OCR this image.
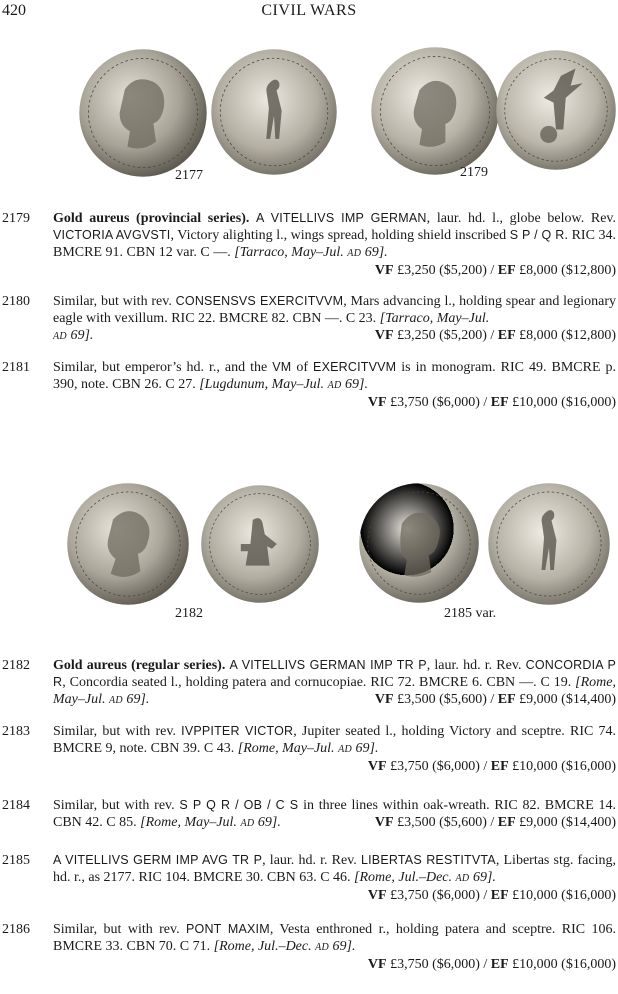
420	CIVIL WARS
2177	2179
2179 Gold aureus (provincial series). A VITELLIVS IMP GERMAN, laur. hd. l., globe below. Rev. VICTORIA AVGVSTI, Victory alighting l., wings spread, holding shield inscribed S P / Q R. RIC 34. BMCRE 91. CBN 12 var. C —. [Tarraco, May–Jul. AD 69].
VF £3,250 ($5,200) / EF £8,000 ($12,800)
2180 Similar, but with rev. CONSENSVS EXERCITVVM, Mars advancing l., holding spear and legionary eagle with vexillum. RIC 22. BMCRE 82. CBN —. C 23. [Tarraco, May–Jul.
AD 69].	VF £3,250 ($5,200) / EF £8,000 ($12,800)
2181 Similar, but emperor’s hd. r., and the VM of EXERCITVVM is in monogram. RIC 49. BMCRE p. 390, note. CBN 26. C 27. [Lugdunum, May–Jul. AD 69].
VF £3,750 ($6,000) / EF £10,000 ($16,000)
2182	2185 var.
2182 Gold aureus (regular series). A VITELLIVS GERMAN IMP TR P, laur. hd. r. Rev. CONCORDIA P R, Concordia seated l., holding patera and cornucopiae. RIC 72. BMCRE 6. CBN —. C 19. [Rome, May–Jul. AD 69].	VF £3,500 ($5,600) / EF £9,000 ($14,400)
2183 Similar, but with rev. IVPPITER VICTOR, Jupiter seated l., holding Victory and sceptre. RIC 74. BMCRE 9, note. CBN 39. C 43. [Rome, May–Jul. AD 69].
VF £3,750 ($6,000) / EF £10,000 ($16,000)
2184 Similar, but with rev. S P Q R / OB / C S in three lines within oak-wreath. RIC 82. BMCRE 14. CBN 42. C 85. [Rome, May–Jul. AD 69].	VF £3,500 ($5,600) / EF £9,000 ($14,400)
2185 A VITELLIVS GERM IMP AVG TR P, laur. hd. r. Rev. LIBERTAS RESTITVTA, Libertas stg. facing, hd. r., as 2177. RIC 104. BMCRE 30. CBN 63. C 46. [Rome, Jul.–Dec. AD 69].
VF £3,750 ($6,000) / EF £10,000 ($16,000)
2186 Similar, but with rev. PONT MAXIM, Vesta enthroned r., holding patera and sceptre. RIC 106. BMCRE 33. CBN 70. C 71. [Rome, Jul.–Dec. AD 69].
VF £3,750 ($6,000) / EF £10,000 ($16,000)
